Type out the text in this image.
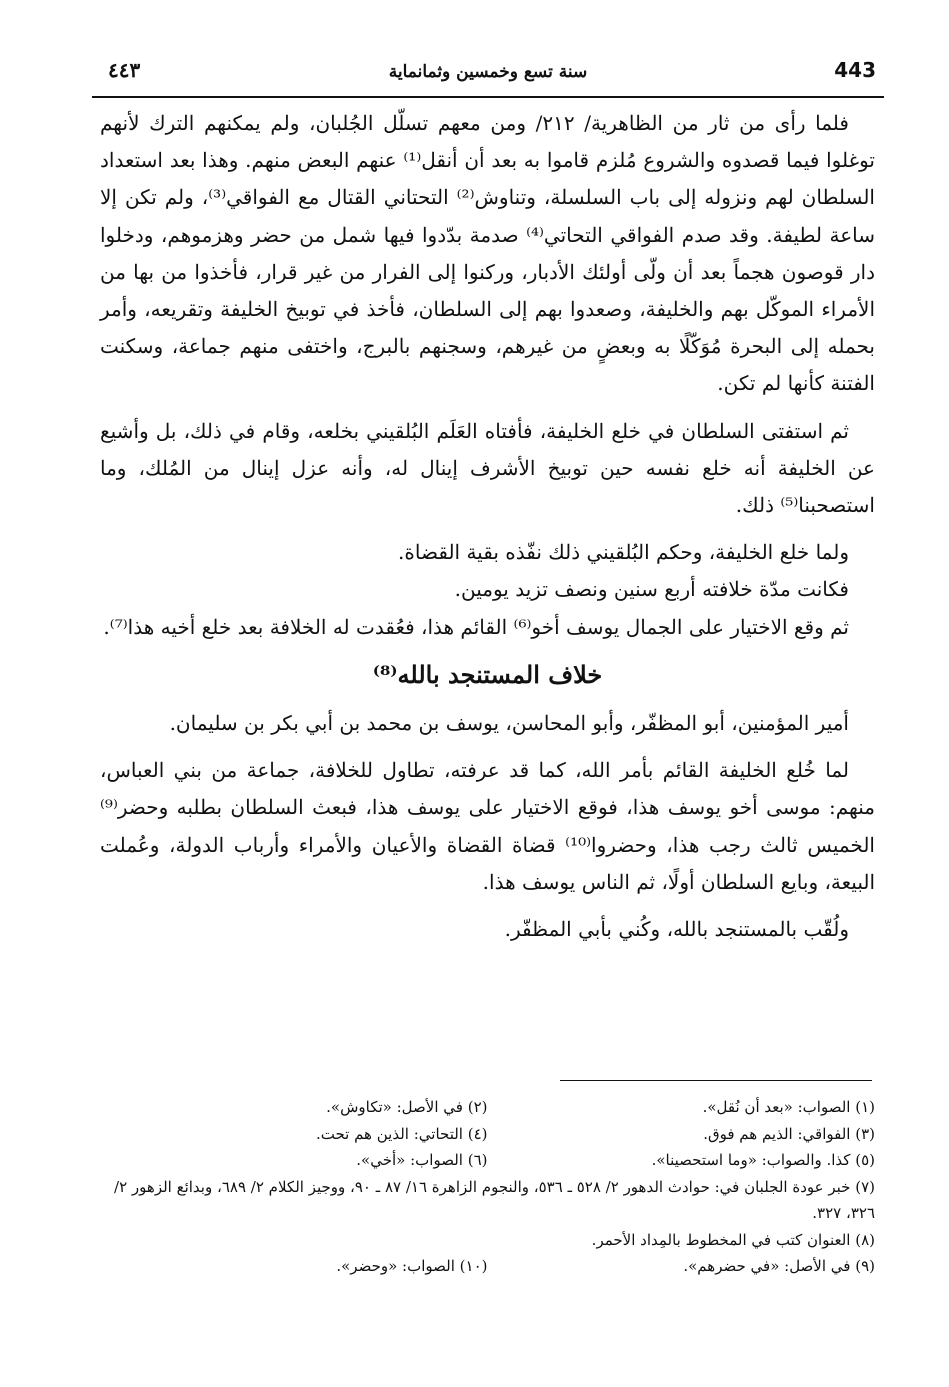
443
سنة تسع وخمسين وثمانماية
٤٤٣

فلما رأى من ثار من الظاهرية/ ٢١٢/ ومن معهم تسلّل الجُلبان، ولم يمكنهم الترك لأنهم توغلوا فيما قصدوه والشروع مُلزم قاموا به بعد أن أنقل⁽¹⁾ عنهم البعض منهم. وهذا بعد استعداد السلطان لهم ونزوله إلى باب السلسلة، وتناوش⁽²⁾ التحتاني القتال مع الفواقي⁽³⁾، ولم تكن إلا ساعة لطيفة. وقد صدم الفواقي التحاتي⁽⁴⁾ صدمة بدّدوا فيها شمل من حضر وهزموهم، ودخلوا دار قوصون هجماً بعد أن ولّى أولئك الأدبار، وركنوا إلى الفرار من غير قرار، فأخذوا من بها من الأمراء الموكّل بهم والخليفة، وصعدوا بهم إلى السلطان، فأخذ في توبيخ الخليفة وتقريعه، وأمر بحمله إلى البحرة مُوَكّلًا به وبعضٍ من غيرهم، وسجنهم بالبرج، واختفى منهم جماعة، وسكنت الفتنة كأنها لم تكن.

ثم استفتى السلطان في خلع الخليفة، فأفتاه العَلَم البُلقيني بخلعه، وقام في ذلك، بل وأشيع عن الخليفة أنه خلع نفسه حين توبيخ الأشرف إينال له، وأنه عزل إينال من المُلك، وما استصحبنا⁽⁵⁾ ذلك.

ولما خلع الخليفة، وحكم البُلقيني ذلك نفّذه بقية القضاة.

فكانت مدّة خلافته أربع سنين ونصف تزيد يومين.

ثم وقع الاختيار على الجمال يوسف أخو⁽⁶⁾ القائم هذا، فعُقدت له الخلافة بعد خلع أخيه هذا⁽⁷⁾.

خلاف المستنجد بالله⁽⁸⁾

أمير المؤمنين، أبو المظفّر، وأبو المحاسن، يوسف بن محمد بن أبي بكر بن سليمان.

لما خُلع الخليفة القائم بأمر الله، كما قد عرفته، تطاول للخلافة، جماعة من بني العباس، منهم: موسى أخو يوسف هذا، فوقع الاختيار على يوسف هذا، فبعث السلطان بطلبه وحضر⁽⁹⁾ الخميس ثالث رجب هذا، وحضروا⁽¹⁰⁾ قضاة القضاة والأعيان والأمراء وأرباب الدولة، وعُملت البيعة، وبايع السلطان أولًا، ثم الناس يوسف هذا.

ولُقّب بالمستنجد بالله، وكُني بأبي المظفّر.

(١) الصواب: «بعد أن نُقل».
(٢) في الأصل: «تكاوش».
(٣) الفواقي: الذيم هم فوق.
(٤) التحاتي: الذين هم تحت.
(٥) كذا. والصواب: «وما استحصينا».
(٦) الصواب: «أخي».
(٧) خبر عودة الجلبان في: حوادث الدهور ٢/ ٥٢٨ ـ ٥٣٦، والنجوم الزاهرة ١٦/ ٨٧ ـ ٩٠، ووجيز الكلام ٢/ ٦٨٩، وبدائع الزهور ٢/ ٣٢٦، ٣٢٧.
(٨) العنوان كتب في المخطوط بالمِداد الأحمر.
(٩) في الأصل: «في حضرهم».
(١٠) الصواب: «وحضر».
